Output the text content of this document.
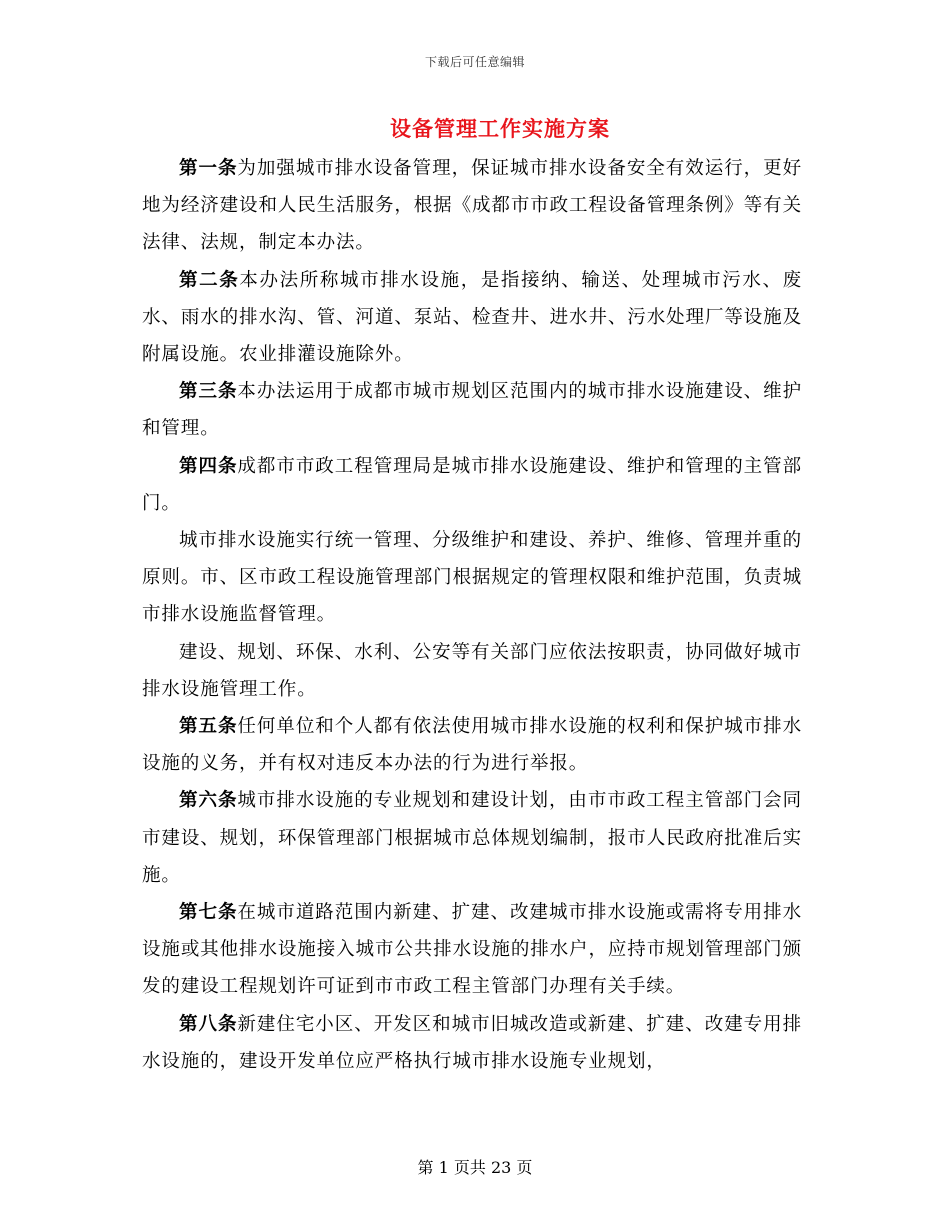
下载后可任意编辑
设备管理工作实施方案

第一条为加强城市排水设备管理，保证城市排水设备安全有效运行，更好地为经济建设和人民生活服务，根据《成都市市政工程设备管理条例》等有关法律、法规，制定本办法。

第二条本办法所称城市排水设施，是指接纳、输送、处理城市污水、废水、雨水的排水沟、管、河道、泵站、检查井、进水井、污水处理厂等设施及附属设施。农业排灌设施除外。

第三条本办法运用于成都市城市规划区范围内的城市排水设施建设、维护和管理。

第四条成都市市政工程管理局是城市排水设施建设、维护和管理的主管部门。

城市排水设施实行统一管理、分级维护和建设、养护、维修、管理并重的原则。市、区市政工程设施管理部门根据规定的管理权限和维护范围，负责城市排水设施监督管理。

建设、规划、环保、水利、公安等有关部门应依法按职责，协同做好城市排水设施管理工作。

第五条任何单位和个人都有依法使用城市排水设施的权利和保护城市排水设施的义务，并有权对违反本办法的行为进行举报。

第六条城市排水设施的专业规划和建设计划，由市市政工程主管部门会同市建设、规划，环保管理部门根据城市总体规划编制，报市人民政府批准后实施。

第七条在城市道路范围内新建、扩建、改建城市排水设施或需将专用排水设施或其他排水设施接入城市公共排水设施的排水户，应持市规划管理部门颁发的建设工程规划许可证到市市政工程主管部门办理有关手续。

第八条新建住宅小区、开发区和城市旧城改造或新建、扩建、改建专用排水设施的，建设开发单位应严格执行城市排水设施专业规划，

第 1 页共 23 页
